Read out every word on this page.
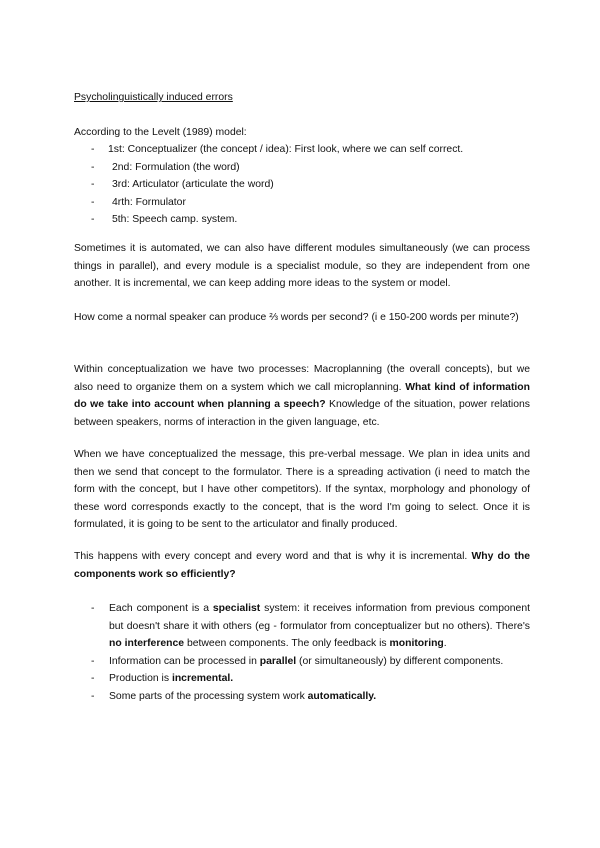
Psycholinguistically induced errors
According to the Levelt (1989) model:
- 1st: Conceptualizer (the concept / idea): First look, where we can self correct.
- 2nd: Formulation (the word)
- 3rd: Articulator (articulate the word)
- 4rth: Formulator
- 5th: Speech camp. system.
Sometimes it is automated, we can also have different modules simultaneously (we can process things in parallel), and every module is a specialist module, so they are independent from one another. It is incremental, we can keep adding more ideas to the system or model.
How come a normal speaker can produce ⅔ words per second? (i e 150-200 words per minute?)
Within conceptualization we have two processes: Macroplanning (the overall concepts), but we also need to organize them on a system which we call microplanning. What kind of information do we take into account when planning a speech? Knowledge of the situation, power relations between speakers, norms of interaction in the given language, etc.
When we have conceptualized the message, this pre-verbal message. We plan in idea units and then we send that concept to the formulator. There is a spreading activation (i need to match the form with the concept, but I have other competitors). If the syntax, morphology and phonology of these word corresponds exactly to the concept, that is the word I'm going to select. Once it is formulated, it is going to be sent to the articulator and finally produced.
This happens with every concept and every word and that is why it is incremental. Why do the components work so efficiently?
- Each component is a specialist system: it receives information from previous component but doesn't share it with others (eg - formulator from conceptualizer but no others). There's no interference between components. The only feedback is monitoring.
- Information can be processed in parallel (or simultaneously) by different components.
- Production is incremental.
- Some parts of the processing system work automatically.
